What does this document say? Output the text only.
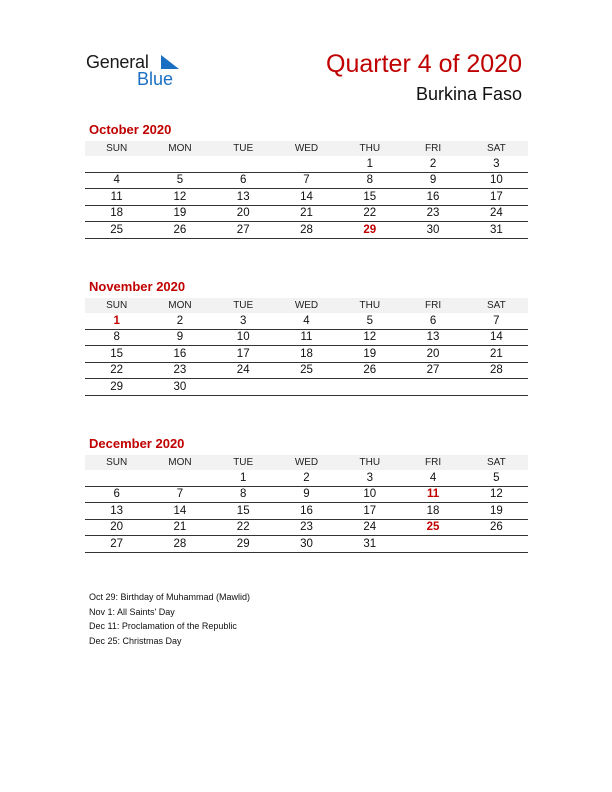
General
Blue
Quarter 4 of 2020
Burkina Faso
October 2020
SUN	MON	TUE	WED	THU	FRI	SAT
				1	2	3
4	5	6	7	8	9	10
11	12	13	14	15	16	17
18	19	20	21	22	23	24
25	26	27	28	29	30	31
November 2020
SUN	MON	TUE	WED	THU	FRI	SAT
1	2	3	4	5	6	7
8	9	10	11	12	13	14
15	16	17	18	19	20	21
22	23	24	25	26	27	28
29	30					
December 2020
SUN	MON	TUE	WED	THU	FRI	SAT
		1	2	3	4	5
6	7	8	9	10	11	12
13	14	15	16	17	18	19
20	21	22	23	24	25	26
27	28	29	30	31		
Oct 29: Birthday of Muhammad (Mawlid)
Nov 1: All Saints' Day
Dec 11: Proclamation of the Republic
Dec 25: Christmas Day
